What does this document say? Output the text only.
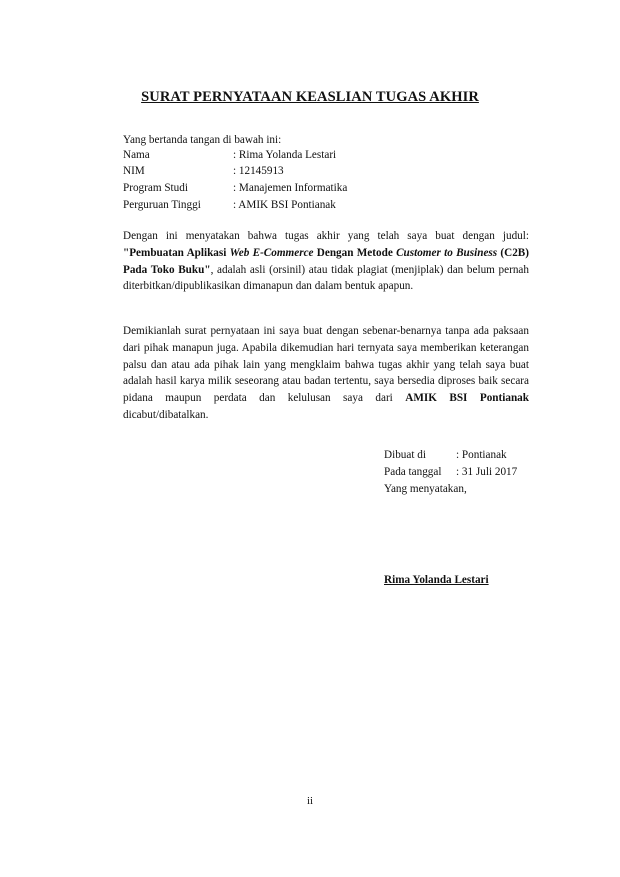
SURAT PERNYATAAN KEASLIAN TUGAS AKHIR
Yang bertanda tangan di bawah ini:
Nama	: Rima Yolanda Lestari
NIM	: 12145913
Program Studi	: Manajemen Informatika
Perguruan Tinggi	: AMIK BSI Pontianak
Dengan ini menyatakan bahwa tugas akhir yang telah saya buat dengan judul: "Pembuatan Aplikasi Web E-Commerce Dengan Metode Customer to Business (C2B) Pada Toko Buku", adalah asli (orsinil) atau tidak plagiat (menjiplak) dan belum pernah diterbitkan/dipublikasikan dimanapun dan dalam bentuk apapun.
Demikianlah surat pernyataan ini saya buat dengan sebenar-benarnya tanpa ada paksaan dari pihak manapun juga. Apabila dikemudian hari ternyata saya memberikan keterangan palsu dan atau ada pihak lain yang mengklaim bahwa tugas akhir yang telah saya buat adalah hasil karya milik seseorang atau badan tertentu, saya bersedia diproses baik secara pidana maupun perdata dan kelulusan saya dari AMIK BSI Pontianak dicabut/dibatalkan.
Dibuat di	: Pontianak
Pada tanggal : 31 Juli 2017
Yang menyatakan,
Rima Yolanda Lestari
ii
